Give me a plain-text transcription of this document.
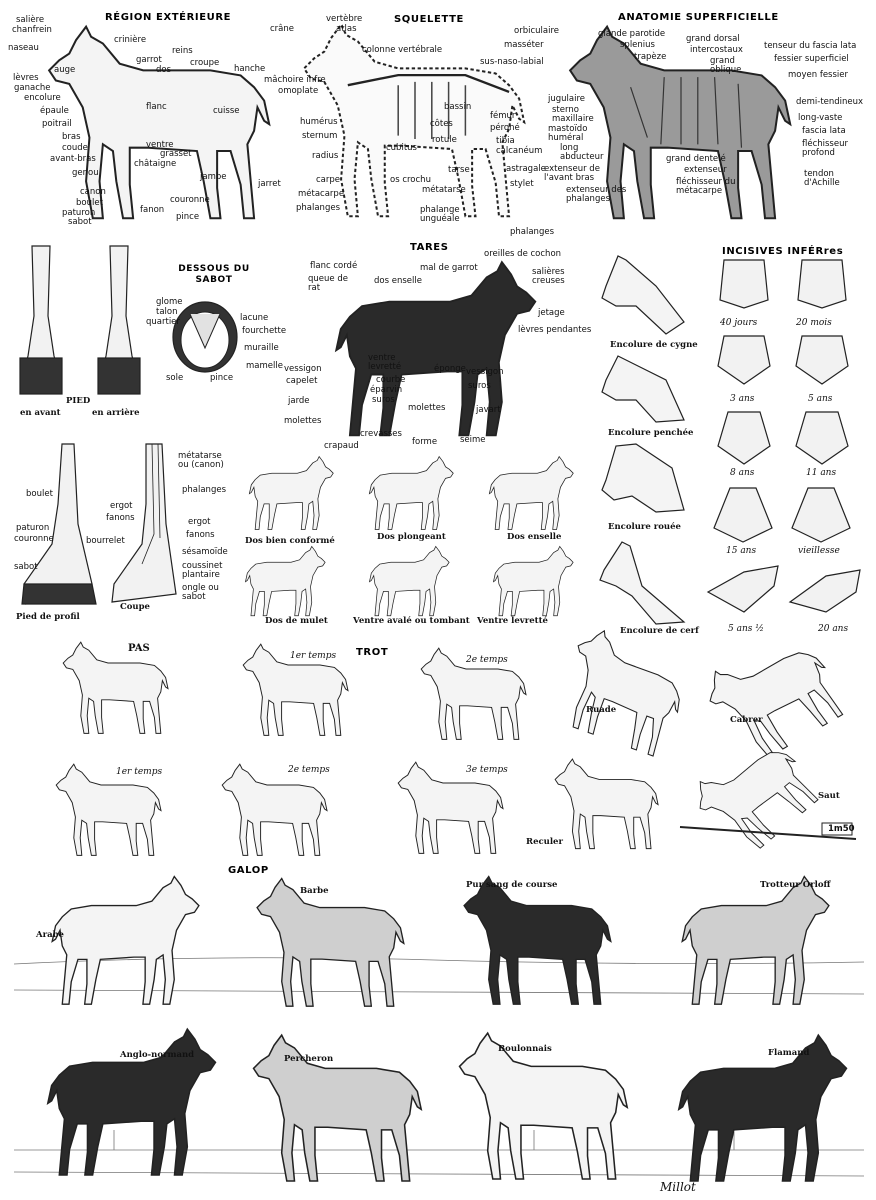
RÉGION EXTÉRIEURE
salière
chanfrein
naseau
lèvres
ganache
auge
crinière
garrot
dos
reins
croupe
hanche
encolure
épaule
poitrail
bras
coude
avant-bras
genou
canon
boulet
paturon
sabot
flanc	cuisse
ventre
grasset
châtaigne
jambe
jarret
couronne
pince
fanon
SQUELETTE
crâne
vertèbre
atlas
colonne vertébrale
mâchoire infre
omoplate
humérus
sternum
radius
carpe
métacarpe
phalanges
cubitus
os crochu
bassin
fémur
côtes
rotule
péroné
tibia
calcanéum
tarse	astragale
métatarse
stylet
phalange unguéale
phalanges
ANATOMIE SUPERFICIELLE
orbiculaire
masséter
glande parotide
splenius
sus-naso-labial	trapèze
grand dorsal
intercostaux
grand oblique
tenseur du fascia lata
fessier superficiel
moyen fessier
jugulaire
sterno maxillaire
mastoïdo huméral
long abducteur
extenseur de l'avant bras
extenseur des phalanges
grand dentelé
extenseur
fléchisseur du métacarpe
demi-tendineux
long-vaste
fascia lata
fléchisseur profond
tendon d'Achille
PIED
en avant	en arrière
DESSOUS DU SABOT
glome
talon
quartier	lacune
fourchette
muraille
mamelle
sole	pince
TARES
flanc cordé
queue de rat
dos enselle
mal de garrot
oreilles de cochon
salières creuses
jetage
lèvres pendantes
ventre levretté	éponge
vessigon
capelet	courbe
éparvin
suros
jarde
molettes
crevasses
crapaud	forme	seime
vessigon
suros
molettes	javart
Encolure de cygne
Encolure penchée
Encolure rouée
Encolure de cerf
INCISIVES INFÉRres
40 jours	20 mois
3 ans	5 ans
8 ans	11 ans
15 ans	vieillesse
5 ans ½	20 ans
boulet
ergot
fanons
paturon
couronne	bourrelet
sabot
Pied de profil
métatarse ou (canon)
phalanges
ergot
fanons
sésamoïde
coussinet plantaire
ongle ou sabot
Coupe
Dos bien conformé	Dos plongeant	Dos enselle
Dos de mulet	Ventre avalé ou tombant Ventre levretté
PAS	TROT
1er temps	2e temps
Ruade
Cabrer
1er temps	2e temps	3e temps
Reculer
Saut
1m50
GALOP
Arabe
Barbe
Pur sang de course	Trotteur Orloff
Anglo-normand	Percheron
Boulonnais	Flamand
Millot
